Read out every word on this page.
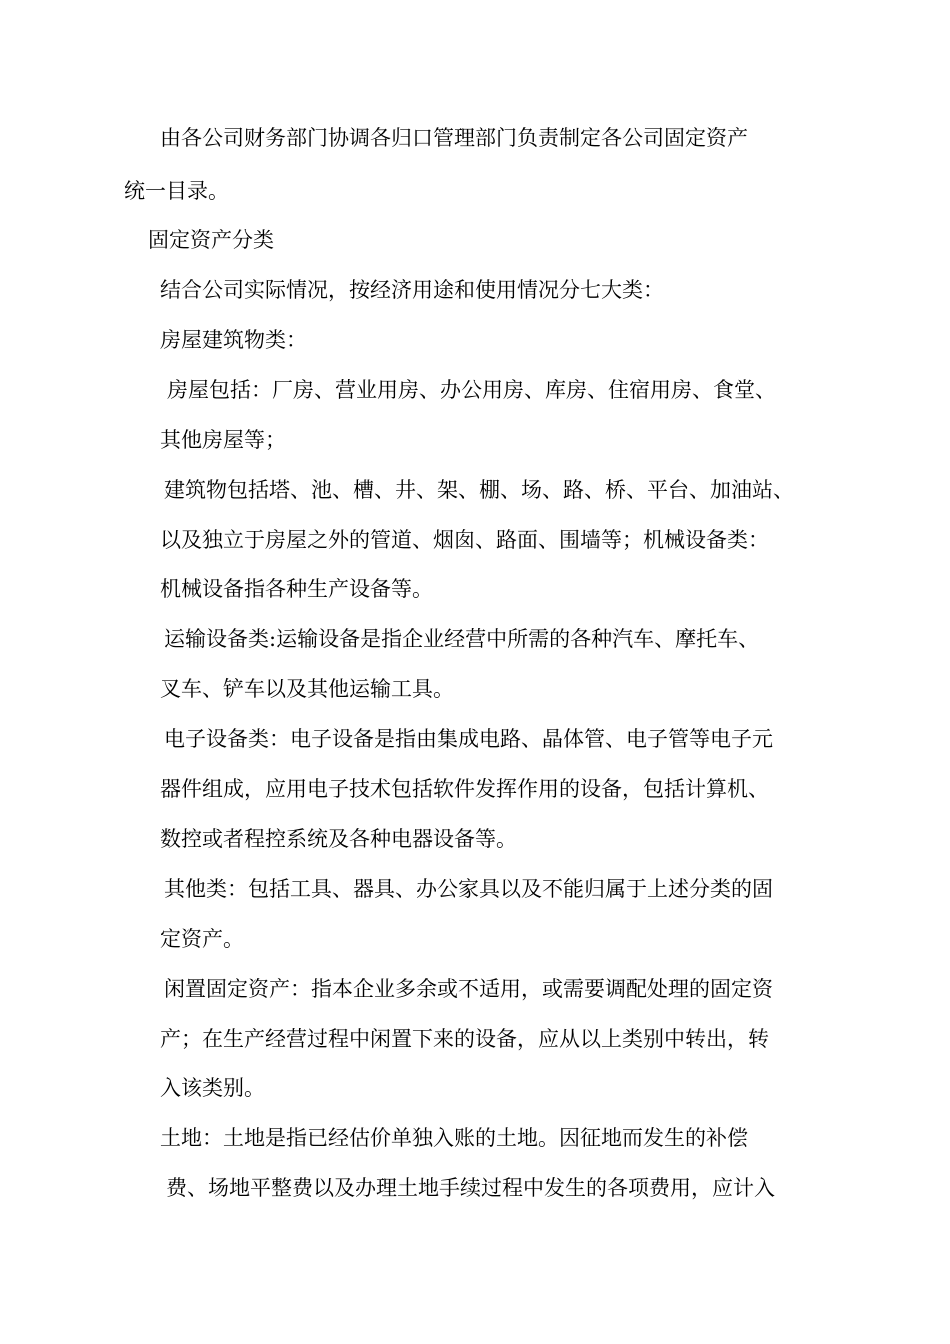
由各公司财务部门协调各归口管理部门负责制定各公司固定资产
统一目录。
固定资产分类
结合公司实际情况，按经济用途和使用情况分七大类：
房屋建筑物类：
房屋包括：厂房、营业用房、办公用房、库房、住宿用房、食堂、
其他房屋等；
建筑物包括塔、池、槽、井、架、棚、场、路、桥、平台、加油站、
以及独立于房屋之外的管道、烟囱、路面、围墙等；机械设备类：
机械设备指各种生产设备等。
运输设备类:运输设备是指企业经营中所需的各种汽车、摩托车、
叉车、铲车以及其他运输工具。
电子设备类：电子设备是指由集成电路、晶体管、电子管等电子元
器件组成，应用电子技术包括软件发挥作用的设备，包括计算机、
数控或者程控系统及各种电器设备等。
其他类：包括工具、器具、办公家具以及不能归属于上述分类的固
定资产。
闲置固定资产：指本企业多余或不适用，或需要调配处理的固定资
产；在生产经营过程中闲置下来的设备，应从以上类别中转出，转
入该类别。
土地：土地是指已经估价单独入账的土地。因征地而发生的补偿
费、场地平整费以及办理土地手续过程中发生的各项费用，应计入
